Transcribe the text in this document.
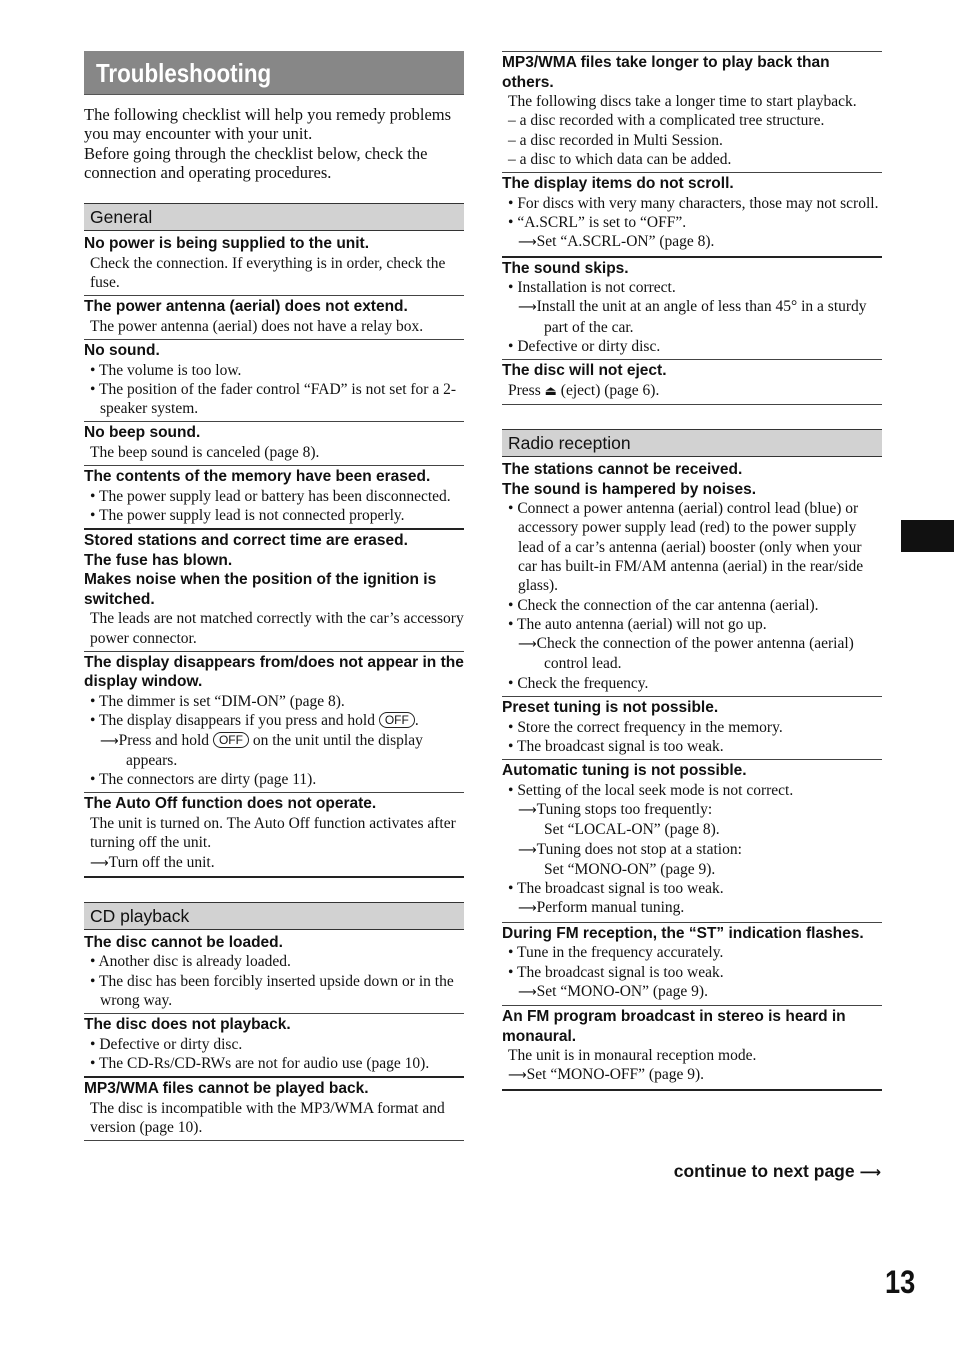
Troubleshooting

The following checklist will help you remedy problems you may encounter with your unit.

Before going through the checklist below, check the connection and operating procedures.

General
No power is being supplied to the unit.
Check the connection. If everything is in order, check the fuse.
The power antenna (aerial) does not extend.
The power antenna (aerial) does not have a relay box.
No sound.
• The volume is too low.
• The position of the fader control “FAD” is not set for a 2-speaker system.
No beep sound.
The beep sound is canceled (page 8).
The contents of the memory have been erased.
• The power supply lead or battery has been disconnected.
• The power supply lead is not connected properly.
Stored stations and correct time are erased.
The fuse has blown.
Makes noise when the position of the ignition is switched.
The leads are not matched correctly with the car’s accessory power connector.
The display disappears from/does not appear in the display window.
• The dimmer is set “DIM-ON” (page 8).
• The display disappears if you press and hold OFF .
⟶Press and hold OFF on the unit until the display appears.
• The connectors are dirty (page 11).
The Auto Off function does not operate.
The unit is turned on. The Auto Off function activates after turning off the unit.
⟶Turn off the unit.
CD playback
The disc cannot be loaded.
• Another disc is already loaded.
• The disc has been forcibly inserted upside down or in the wrong way.
The disc does not playback.
• Defective or dirty disc.
• The CD-Rs/CD-RWs are not for audio use (page 10).
MP3/WMA files cannot be played back.
The disc is incompatible with the MP3/WMA format and version (page 10).
MP3/WMA files take longer to play back than others.
The following discs take a longer time to start playback.
– a disc recorded with a complicated tree structure.
– a disc recorded in Multi Session.
– a disc to which data can be added.
The display items do not scroll.
• For discs with very many characters, those may not scroll.
• “A.SCRL” is set to “OFF”.
⟶Set “A.SCRL-ON” (page 8).
The sound skips.
• Installation is not correct.
⟶Install the unit at an angle of less than 45° in a sturdy part of the car.
• Defective or dirty disc.
The disc will not eject.
Press ⏏ (eject) (page 6).
Radio reception
The stations cannot be received.
The sound is hampered by noises.
• Connect a power antenna (aerial) control lead (blue) or accessory power supply lead (red) to the power supply lead of a car’s antenna (aerial) booster (only when your car has built-in FM/AM antenna (aerial) in the rear/side glass).
• Check the connection of the car antenna (aerial).
• The auto antenna (aerial) will not go up.
⟶Check the connection of the power antenna (aerial) control lead.
• Check the frequency.
Preset tuning is not possible.
• Store the correct frequency in the memory.
• The broadcast signal is too weak.
Automatic tuning is not possible.
• Setting of the local seek mode is not correct.
⟶Tuning stops too frequently:
Set “LOCAL-ON” (page 8).
⟶Tuning does not stop at a station:
Set “MONO-ON” (page 9).
• The broadcast signal is too weak.
⟶Perform manual tuning.
During FM reception, the “ST” indication flashes.
• Tune in the frequency accurately.
• The broadcast signal is too weak.
⟶Set “MONO-ON” (page 9).
An FM program broadcast in stereo is heard in monaural.
The unit is in monaural reception mode.
⟶Set “MONO-OFF” (page 9).
continue to next page ⟶
13
